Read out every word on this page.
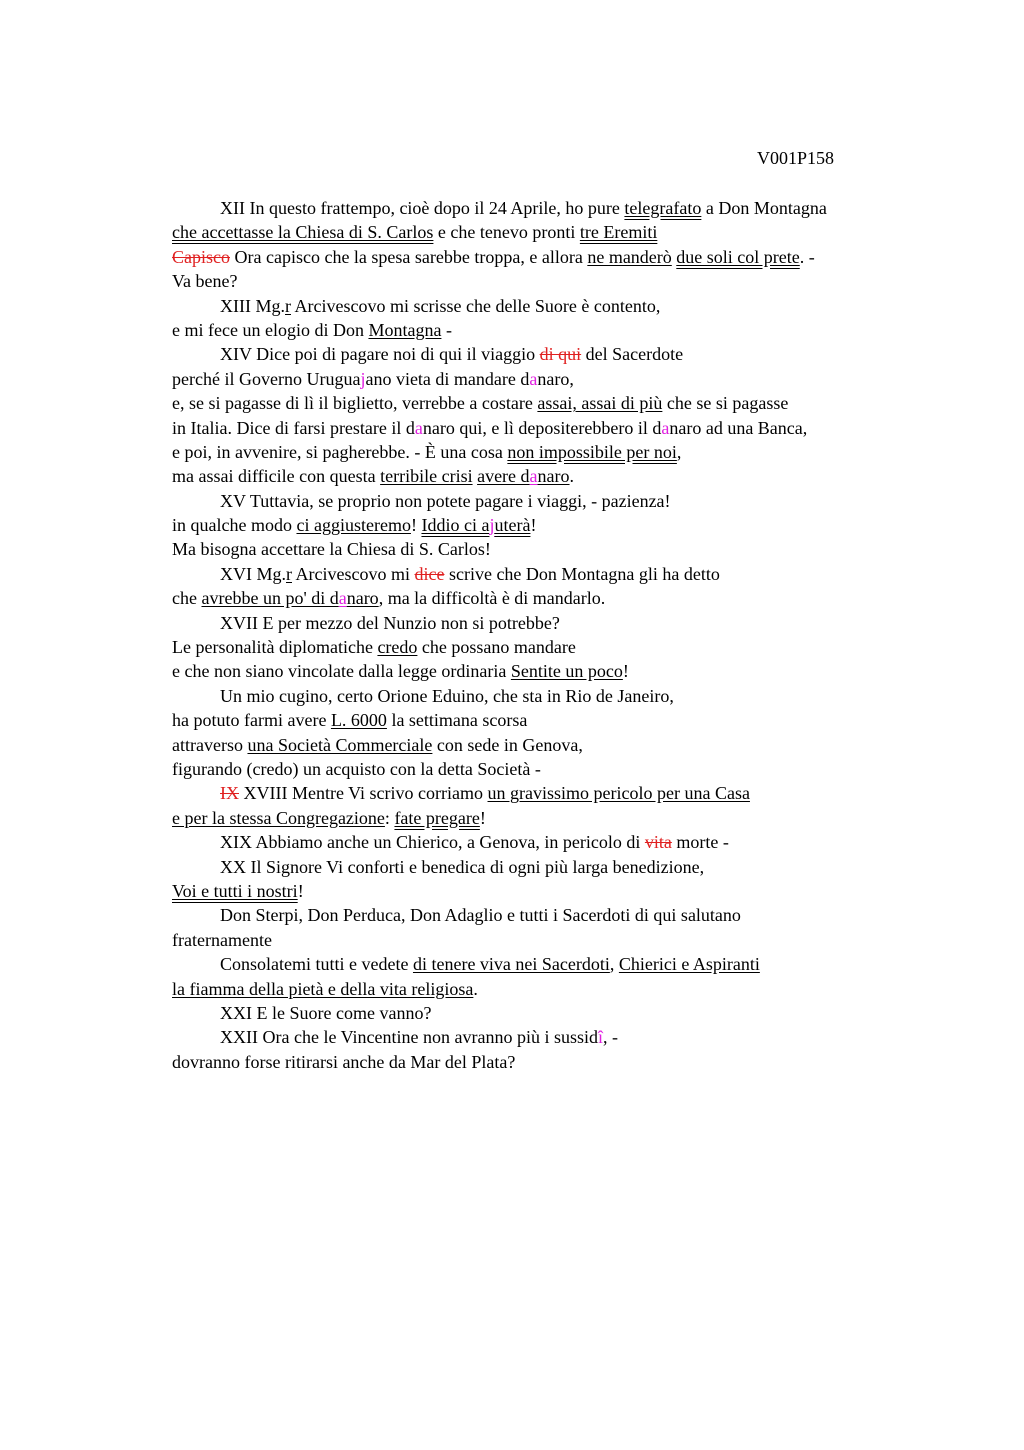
V001P158
XII In questo frattempo, cioè dopo il 24 Aprile, ho pure telegrafato a Don Montagna
che accettasse la Chiesa di S. Carlos e che tenevo pronti tre Eremiti
Capisco Ora capisco che la spesa sarebbe troppa, e allora ne manderò due soli col prete. -
Va bene?
XIII Mg.r Arcivescovo mi scrisse che delle Suore è contento,
e mi fece un elogio di Don Montagna -
XIV Dice poi di pagare noi di qui il viaggio di qui del Sacerdote
perché il Governo Uruguajano vieta di mandare danaro,
e, se si pagasse di lì il biglietto, verrebbe a costare assai, assai di più che se si pagasse
in Italia. Dice di farsi prestare il danaro qui, e lì depositerebbero il danaro ad una Banca,
e poi, in avvenire, si pagherebbe. - È una cosa non impossibile per noi,
ma assai difficile con questa terribile crisi avere danaro.
XV Tuttavia, se proprio non potete pagare i viaggi, - pazienza!
in qualche modo ci aggiusteremo! Iddio ci ajuterà!
Ma bisogna accettare la Chiesa di S. Carlos!
XVI Mg.r Arcivescovo mi dice scrive che Don Montagna gli ha detto
che avrebbe un po' di danaro, ma la difficoltà è di mandarlo.
XVII E per mezzo del Nunzio non si potrebbe?
Le personalità diplomatiche credo che possano mandare
e che non siano vincolate dalla legge ordinaria Sentite un poco!
Un mio cugino, certo Orione Eduino, che sta in Rio de Janeiro,
ha potuto farmi avere L. 6000 la settimana scorsa
attraverso una Società Commerciale con sede in Genova,
figurando (credo) un acquisto con la detta Società -
IX XVIII Mentre Vi scrivo corriamo un gravissimo pericolo per una Casa
e per la stessa Congregazione: fate pregare!
XIX Abbiamo anche un Chierico, a Genova, in pericolo di vita morte -
XX Il Signore Vi conforti e benedica di ogni più larga benedizione,
Voi e tutti i nostri!
Don Sterpi, Don Perduca, Don Adaglio e tutti i Sacerdoti di qui salutano
fraternamente
Consolatemi tutti e vedete di tenere viva nei Sacerdoti, Chierici e Aspiranti
la fiamma della pietà e della vita religiosa.
XXI E le Suore come vanno?
XXII Ora che le Vincentine non avranno più i sussidî, -
dovranno forse ritirarsi anche da Mar del Plata?
